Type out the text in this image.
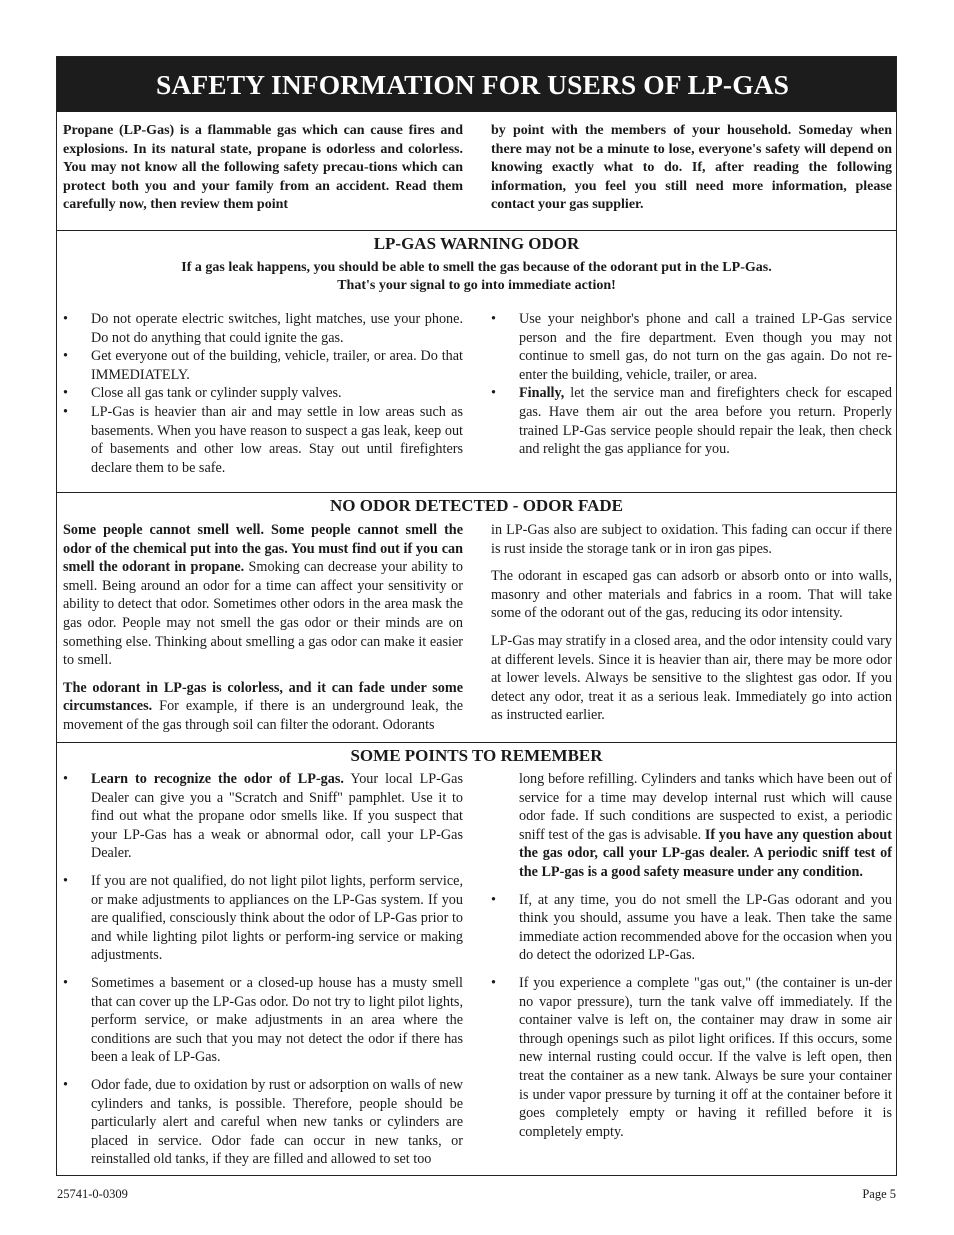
SAFETY INFORMATION FOR USERS OF LP-GAS

Propane (LP-Gas) is a flammable gas which can cause fires and explosions. In its natural state, propane is odorless and colorless. You may not know all the following safety precau-tions which can protect both you and your family from an accident. Read them carefully now, then review them point

by point with the members of your household. Someday when there may not be a minute to lose, everyone's safety will depend on knowing exactly what to do. If, after reading the following information, you feel you still need more information, please contact your gas supplier.

LP-GAS WARNING ODOR
If a gas leak happens, you should be able to smell the gas because of the odorant put in the LP-Gas.
That's your signal to go into immediate action!
• Do not operate electric switches, light matches, use your phone. Do not do anything that could ignite the gas.
• Get everyone out of the building, vehicle, trailer, or area. Do that IMMEDIATELY.
• Close all gas tank or cylinder supply valves.
• LP-Gas is heavier than air and may settle in low areas such as basements. When you have reason to suspect a gas leak, keep out of basements and other low areas. Stay out until firefighters declare them to be safe.
• Use your neighbor's phone and call a trained LP-Gas service person and the fire department. Even though you may not continue to smell gas, do not turn on the gas again. Do not re-enter the building, vehicle, trailer, or area.
• Finally, let the service man and firefighters check for escaped gas. Have them air out the area before you return. Properly trained LP-Gas service people should repair the leak, then check and relight the gas appliance for you.
NO ODOR DETECTED - ODOR FADE

Some people cannot smell well. Some people cannot smell the odor of the chemical put into the gas. You must find out if you can smell the odorant in propane. Smoking can decrease your ability to smell. Being around an odor for a time can affect your sensitivity or ability to detect that odor. Sometimes other odors in the area mask the gas odor. People may not smell the gas odor or their minds are on something else. Thinking about smelling a gas odor can make it easier to smell.

The odorant in LP-gas is colorless, and it can fade under some circumstances. For example, if there is an underground leak, the movement of the gas through soil can filter the odorant. Odorants

in LP-Gas also are subject to oxidation. This fading can occur if there is rust inside the storage tank or in iron gas pipes.

The odorant in escaped gas can adsorb or absorb onto or into walls, masonry and other materials and fabrics in a room. That will take some of the odorant out of the gas, reducing its odor intensity.

LP-Gas may stratify in a closed area, and the odor intensity could vary at different levels. Since it is heavier than air, there may be more odor at lower levels. Always be sensitive to the slightest gas odor. If you detect any odor, treat it as a serious leak. Immediately go into action as instructed earlier.

SOME POINTS TO REMEMBER
• Learn to recognize the odor of LP-gas. Your local LP-Gas Dealer can give you a "Scratch and Sniff" pamphlet. Use it to find out what the propane odor smells like. If you suspect that your LP-Gas has a weak or abnormal odor, call your LP-Gas Dealer.
• If you are not qualified, do not light pilot lights, perform service, or make adjustments to appliances on the LP-Gas system. If you are qualified, consciously think about the odor of LP-Gas prior to and while lighting pilot lights or perform-ing service or making adjustments.
• Sometimes a basement or a closed-up house has a musty smell that can cover up the LP-Gas odor. Do not try to light pilot lights, perform service, or make adjustments in an area where the conditions are such that you may not detect the odor if there has been a leak of LP-Gas.
• Odor fade, due to oxidation by rust or adsorption on walls of new cylinders and tanks, is possible. Therefore, people should be particularly alert and careful when new tanks or cylinders are placed in service. Odor fade can occur in new tanks, or reinstalled old tanks, if they are filled and allowed to set too

long before refilling. Cylinders and tanks which have been out of service for a time may develop internal rust which will cause odor fade. If such conditions are suspected to exist, a periodic sniff test of the gas is advisable. If you have any question about the gas odor, call your LP-gas dealer. A periodic sniff test of the LP-gas is a good safety measure under any condition.

• If, at any time, you do not smell the LP-Gas odorant and you think you should, assume you have a leak. Then take the same immediate action recommended above for the occasion when you do detect the odorized LP-Gas.
• If you experience a complete "gas out," (the container is un-der no vapor pressure), turn the tank valve off immediately. If the container valve is left on, the container may draw in some air through openings such as pilot light orifices. If this occurs, some new internal rusting could occur. If the valve is left open, then treat the container as a new tank. Always be sure your container is under vapor pressure by turning it off at the container before it goes completely empty or having it refilled before it is completely empty.
25741-0-0309	Page 5
